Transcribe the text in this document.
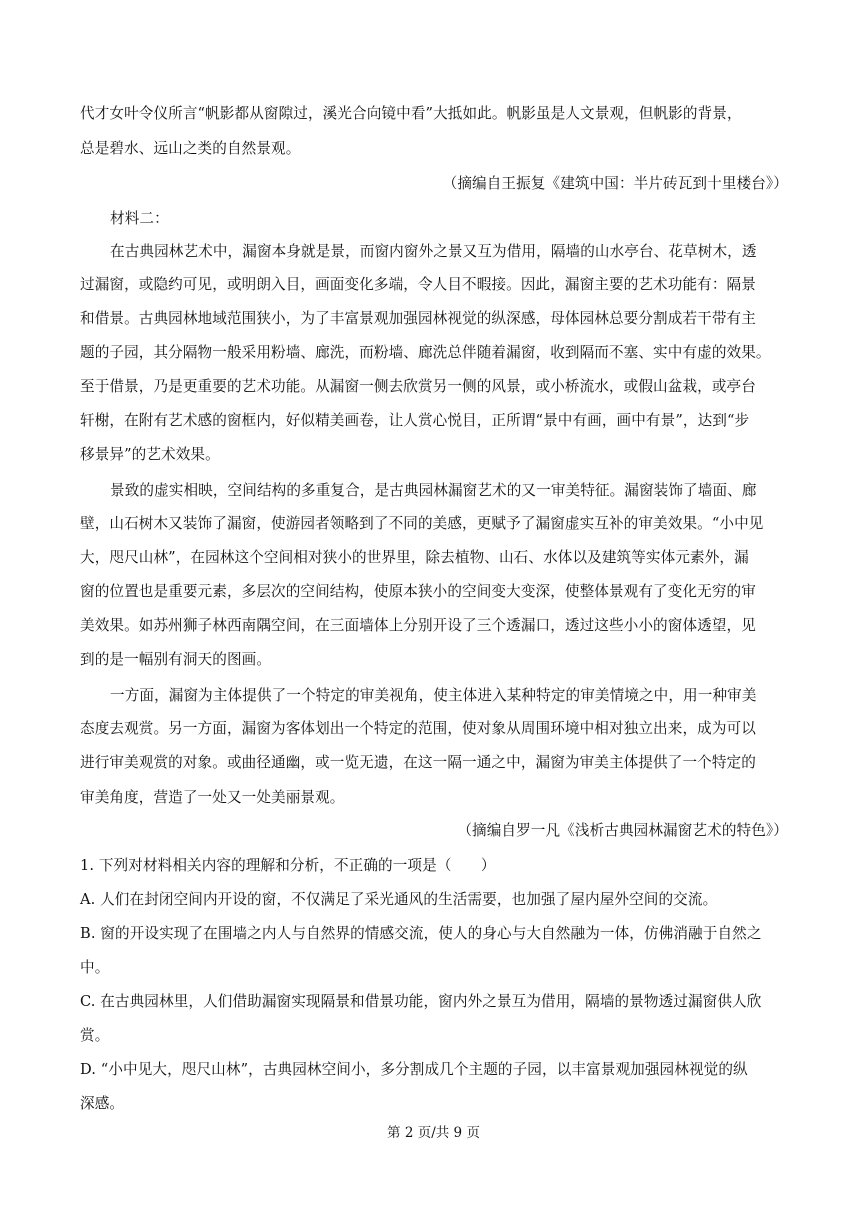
代才女叶令仪所言“帆影都从窗隙过，溪光合向镜中看”大抵如此。帆影虽是人文景观，但帆影的背景，
总是碧水、远山之类的自然景观。
（摘编自王振复《建筑中国：半片砖瓦到十里楼台》）
材料二：
在古典园林艺术中，漏窗本身就是景，而窗内窗外之景又互为借用，隔墙的山水亭台、花草树木，透
过漏窗，或隐约可见，或明朗入目，画面变化多端，令人目不暇接。因此，漏窗主要的艺术功能有：隔景
和借景。古典园林地域范围狭小，为了丰富景观加强园林视觉的纵深感，母体园林总要分割成若干带有主
题的子园，其分隔物一般采用粉墙、廊洗，而粉墙、廊洗总伴随着漏窗，收到隔而不塞、实中有虚的效果。
至于借景，乃是更重要的艺术功能。从漏窗一侧去欣赏另一侧的风景，或小桥流水，或假山盆栽，或亭台
轩榭，在附有艺术感的窗框内，好似精美画卷，让人赏心悦目，正所谓“景中有画，画中有景”，达到“步
移景异”的艺术效果。
景致的虚实相映，空间结构的多重复合，是古典园林漏窗艺术的又一审美特征。漏窗装饰了墙面、廊
壁，山石树木又装饰了漏窗，使游园者领略到了不同的美感，更赋予了漏窗虚实互补的审美效果。“小中见
大，咫尺山林”，在园林这个空间相对狭小的世界里，除去植物、山石、水体以及建筑等实体元素外，漏
窗的位置也是重要元素，多层次的空间结构，使原本狭小的空间变大变深，使整体景观有了变化无穷的审
美效果。如苏州狮子林西南隅空间，在三面墙体上分别开设了三个透漏口，透过这些小小的窗体透望，见
到的是一幅别有洞天的图画。
一方面，漏窗为主体提供了一个特定的审美视角，使主体进入某种特定的审美情境之中，用一种审美
态度去观赏。另一方面，漏窗为客体划出一个特定的范围，使对象从周围环境中相对独立出来，成为可以
进行审美观赏的对象。或曲径通幽，或一览无遗，在这一隔一通之中，漏窗为审美主体提供了一个特定的
审美角度，营造了一处又一处美丽景观。
（摘编自罗一凡《浅析古典园林漏窗艺术的特色》）
1. 下列对材料相关内容的理解和分析，不正确的一项是（　　）
A. 人们在封闭空间内开设的窗，不仅满足了采光通风的生活需要，也加强了屋内屋外空间的交流。
B. 窗的开设实现了在围墙之内人与自然界的情感交流，使人的身心与大自然融为一体，仿佛消融于自然之
中。
C. 在古典园林里，人们借助漏窗实现隔景和借景功能，窗内外之景互为借用，隔墙的景物透过漏窗供人欣
赏。
D. “小中见大，咫尺山林”，古典园林空间小，多分割成几个主题的子园，以丰富景观加强园林视觉的纵
深感。
第 2 页/共 9 页
